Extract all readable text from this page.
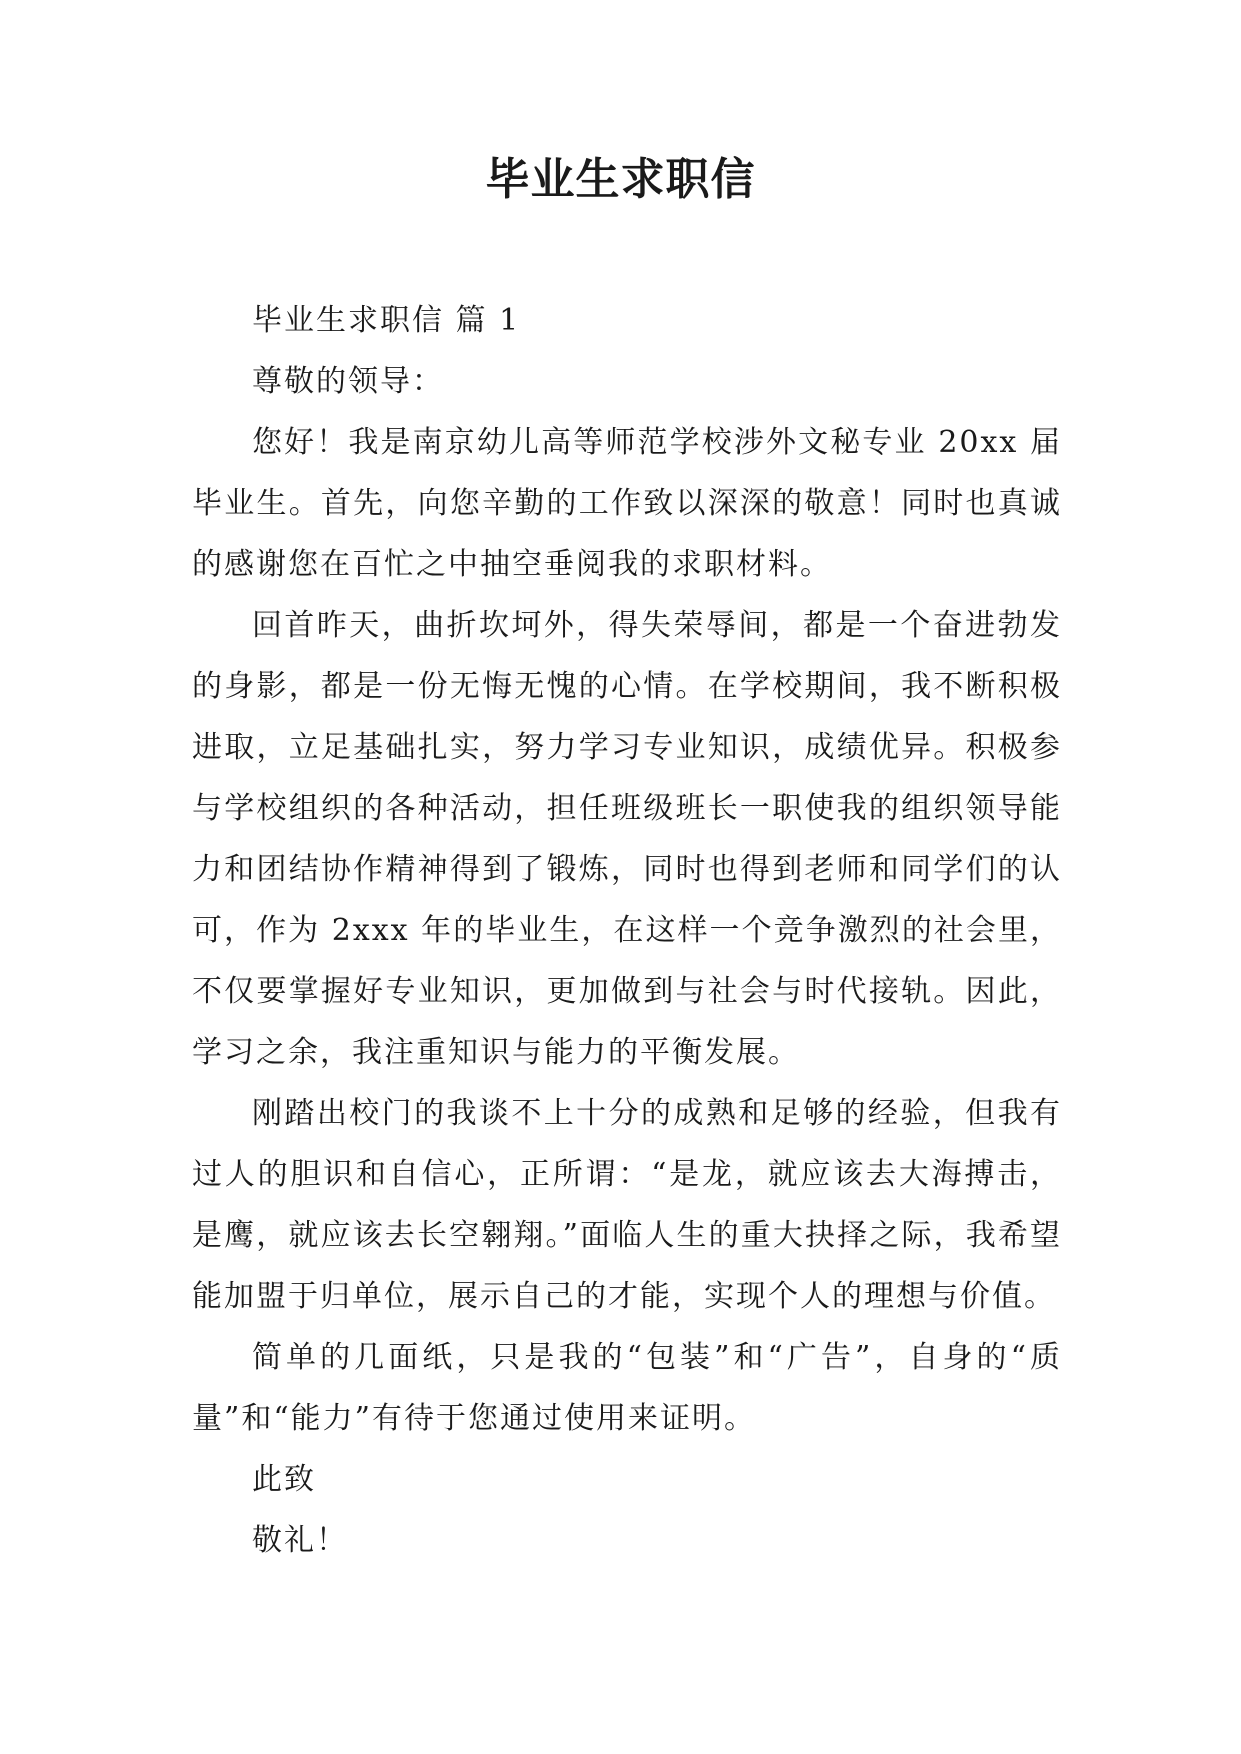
毕业生求职信

毕业生求职信 篇 1

尊敬的领导：

您好！我是南京幼儿高等师范学校涉外文秘专业 20xx 届毕业生。首先，向您辛勤的工作致以深深的敬意！同时也真诚的感谢您在百忙之中抽空垂阅我的求职材料。

回首昨天，曲折坎坷外，得失荣辱间，都是一个奋进勃发的身影，都是一份无悔无愧的心情。在学校期间，我不断积极进取，立足基础扎实，努力学习专业知识，成绩优异。积极参与学校组织的各种活动，担任班级班长一职使我的组织领导能力和团结协作精神得到了锻炼，同时也得到老师和同学们的认可，作为 2xxx 年的毕业生，在这样一个竞争激烈的社会里，不仅要掌握好专业知识，更加做到与社会与时代接轨。因此，学习之余，我注重知识与能力的平衡发展。

刚踏出校门的我谈不上十分的成熟和足够的经验，但我有过人的胆识和自信心，正所谓：“是龙，就应该去大海搏击，是鹰，就应该去长空翱翔。”面临人生的重大抉择之际，我希望能加盟于归单位，展示自己的才能，实现个人的理想与价值。

简单的几面纸，只是我的“包装”和“广告”，自身的“质量”和“能力”有待于您通过使用来证明。

此致

敬礼！
